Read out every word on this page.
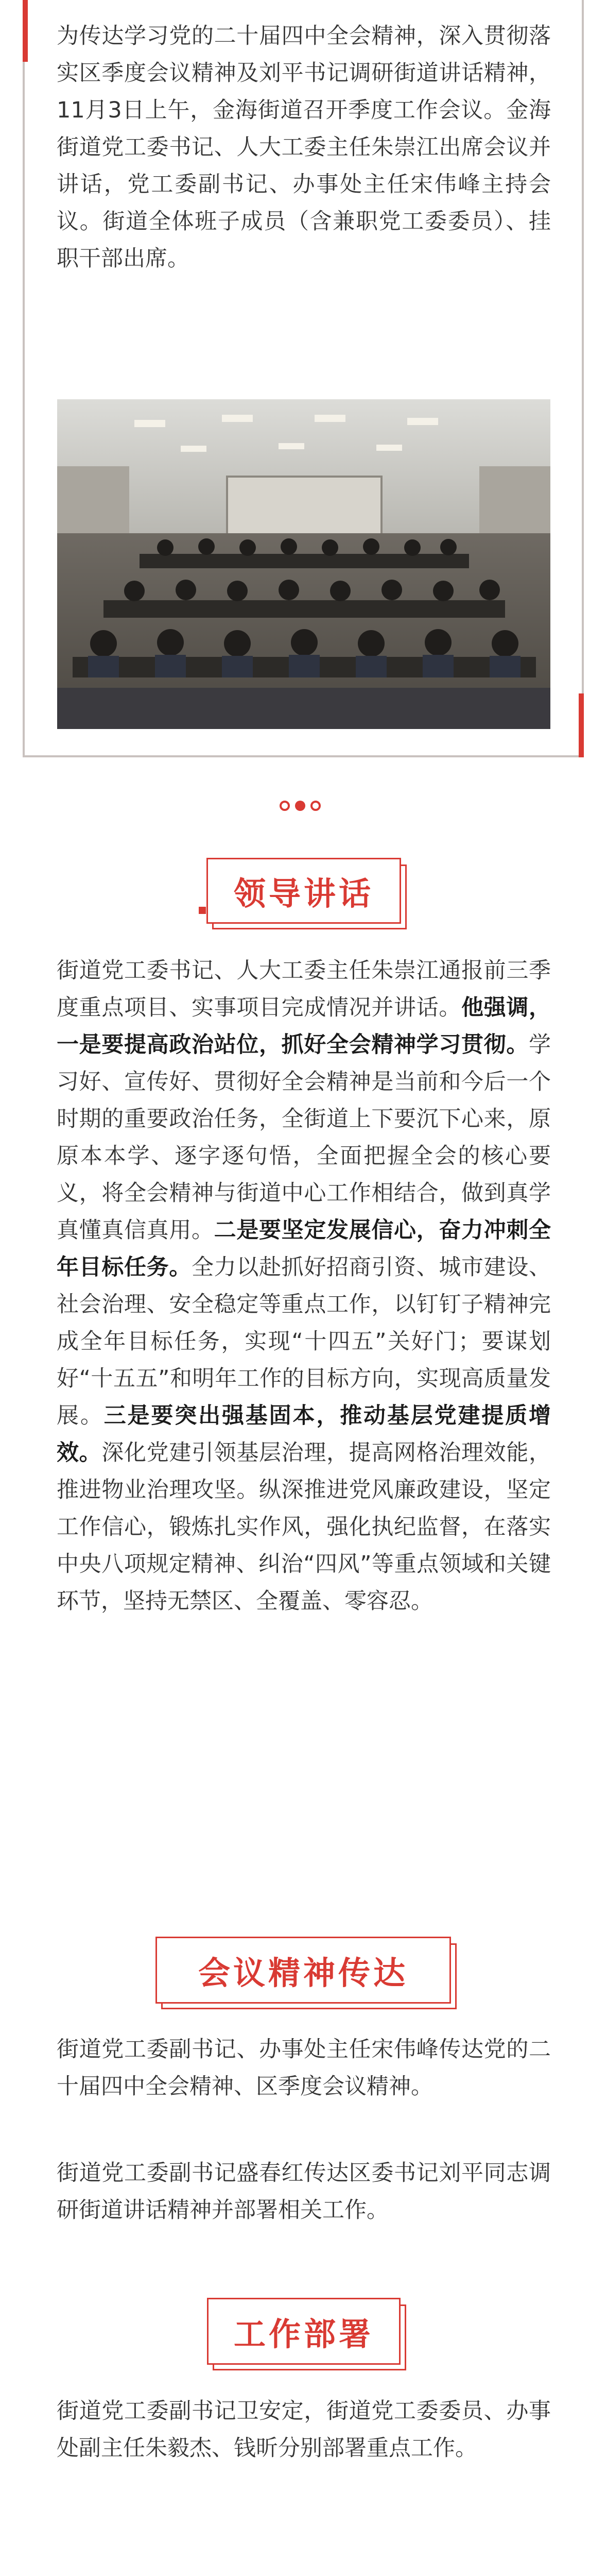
为传达学习党的二十届四中全会精神，深入贯彻落实区季度会议精神及刘平书记调研街道讲话精神，11月3日上午，金海街道召开季度工作会议。金海街道党工委书记、人大工委主任朱崇江出席会议并讲话，党工委副书记、办事处主任宋伟峰主持会议。街道全体班子成员（含兼职党工委委员）、挂职干部出席。

领导讲话

街道党工委书记、人大工委主任朱崇江通报前三季度重点项目、实事项目完成情况并讲话。他强调，一是要提高政治站位，抓好全会精神学习贯彻。学习好、宣传好、贯彻好全会精神是当前和今后一个时期的重要政治任务，全街道上下要沉下心来，原原本本学、逐字逐句悟，全面把握全会的核心要义，将全会精神与街道中心工作相结合，做到真学真懂真信真用。二是要坚定发展信心，奋力冲刺全年目标任务。全力以赴抓好招商引资、城市建设、社会治理、安全稳定等重点工作，以钉钉子精神完成全年目标任务，实现“十四五”关好门；要谋划好“十五五”和明年工作的目标方向，实现高质量发展。三是要突出强基固本，推动基层党建提质增效。深化党建引领基层治理，提高网格治理效能，推进物业治理攻坚。纵深推进党风廉政建设，坚定工作信心，锻炼扎实作风，强化执纪监督，在落实中央八项规定精神、纠治“四风”等重点领域和关键环节，坚持无禁区、全覆盖、零容忍。

会议精神传达

街道党工委副书记、办事处主任宋伟峰传达党的二十届四中全会精神、区季度会议精神。

街道党工委副书记盛春红传达区委书记刘平同志调研街道讲话精神并部署相关工作。

工作部署

街道党工委副书记卫安定，街道党工委委员、办事处副主任朱毅杰、钱昕分别部署重点工作。
